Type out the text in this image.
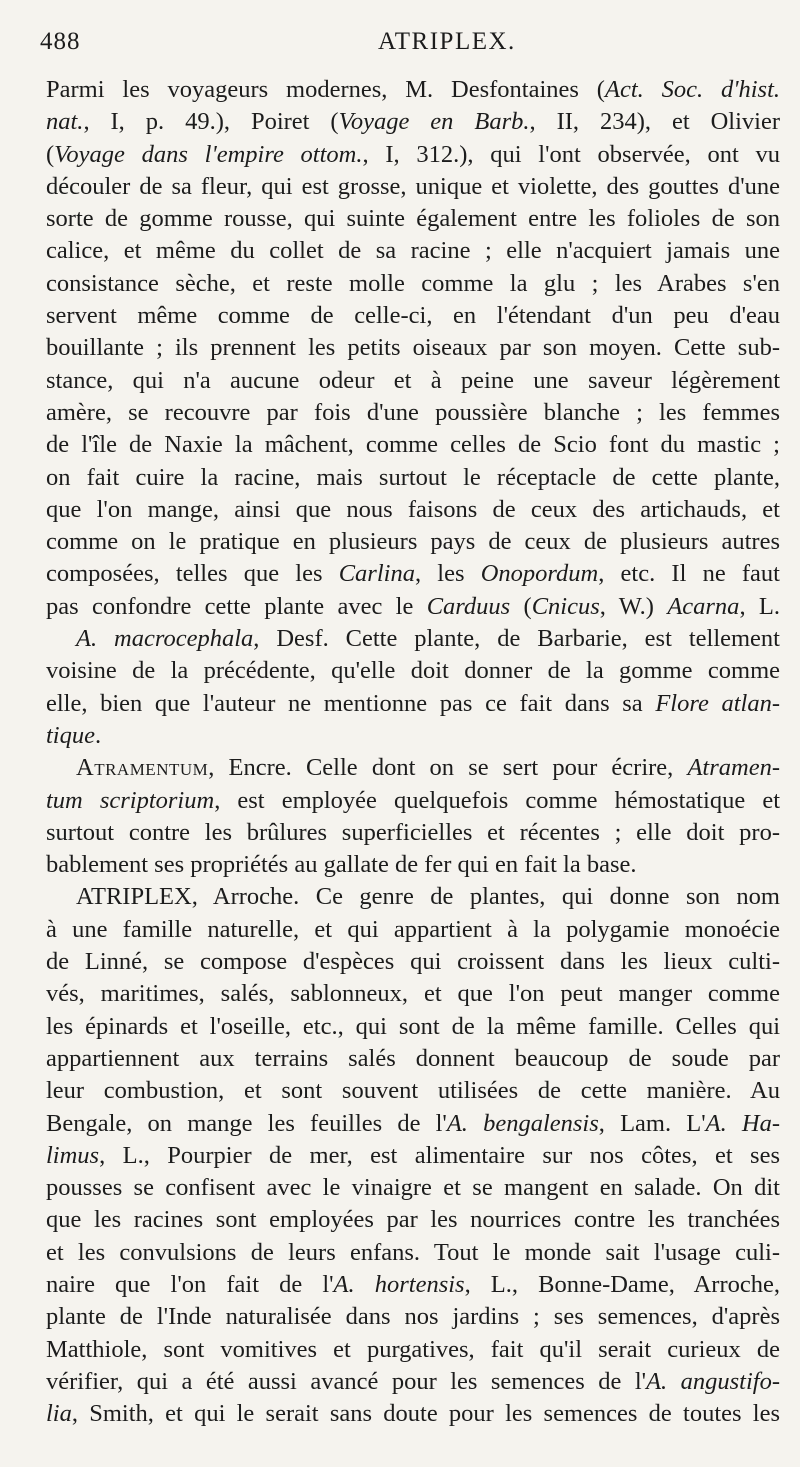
488	ATRIPLEX.
Parmi les voyageurs modernes, M. Desfontaines (Act. Soc. d'hist.
nat., I, p. 49.), Poiret (Voyage en Barb., II, 234), et Olivier
(Voyage dans l'empire ottom., I, 312.), qui l'ont observée, ont vu
découler de sa fleur, qui est grosse, unique et violette, des gouttes d'une
sorte de gomme rousse, qui suinte également entre les folioles de son
calice, et même du collet de sa racine ; elle n'acquiert jamais une
consistance sèche, et reste molle comme la glu ; les Arabes s'en
servent même comme de celle-ci, en l'étendant d'un peu d'eau
bouillante ; ils prennent les petits oiseaux par son moyen. Cette sub-
stance, qui n'a aucune odeur et à peine une saveur légèrement
amère, se recouvre par fois d'une poussière blanche ; les femmes
de l'île de Naxie la mâchent, comme celles de Scio font du mastic ;
on fait cuire la racine, mais surtout le réceptacle de cette plante,
que l'on mange, ainsi que nous faisons de ceux des artichauds, et
comme on le pratique en plusieurs pays de ceux de plusieurs autres
composées, telles que les Carlina, les Onopordum, etc. Il ne faut
pas confondre cette plante avec le Carduus (Cnicus, W.) Acarna, L.
A. macrocephala, Desf. Cette plante, de Barbarie, est tellement
voisine de la précédente, qu'elle doit donner de la gomme comme
elle, bien que l'auteur ne mentionne pas ce fait dans sa Flore atlan-
tique.
Atramentum, Encre. Celle dont on se sert pour écrire, Atramen-
tum scriptorium, est employée quelquefois comme hémostatique et
surtout contre les brûlures superficielles et récentes ; elle doit pro-
bablement ses propriétés au gallate de fer qui en fait la base.
ATRIPLEX, Arroche. Ce genre de plantes, qui donne son nom
à une famille naturelle, et qui appartient à la polygamie monoécie
de Linné, se compose d'espèces qui croissent dans les lieux culti-
vés, maritimes, salés, sablonneux, et que l'on peut manger comme
les épinards et l'oseille, etc., qui sont de la même famille. Celles qui
appartiennent aux terrains salés donnent beaucoup de soude par
leur combustion, et sont souvent utilisées de cette manière. Au
Bengale, on mange les feuilles de l'A. bengalensis, Lam. L'A. Ha-
limus, L., Pourpier de mer, est alimentaire sur nos côtes, et ses
pousses se confisent avec le vinaigre et se mangent en salade. On dit
que les racines sont employées par les nourrices contre les tranchées
et les convulsions de leurs enfans. Tout le monde sait l'usage culi-
naire que l'on fait de l'A. hortensis, L., Bonne-Dame, Arroche,
plante de l'Inde naturalisée dans nos jardins ; ses semences, d'après
Matthiole, sont vomitives et purgatives, fait qu'il serait curieux de
vérifier, qui a été aussi avancé pour les semences de l'A. angustifo-
lia, Smith, et qui le serait sans doute pour les semences de toutes les
